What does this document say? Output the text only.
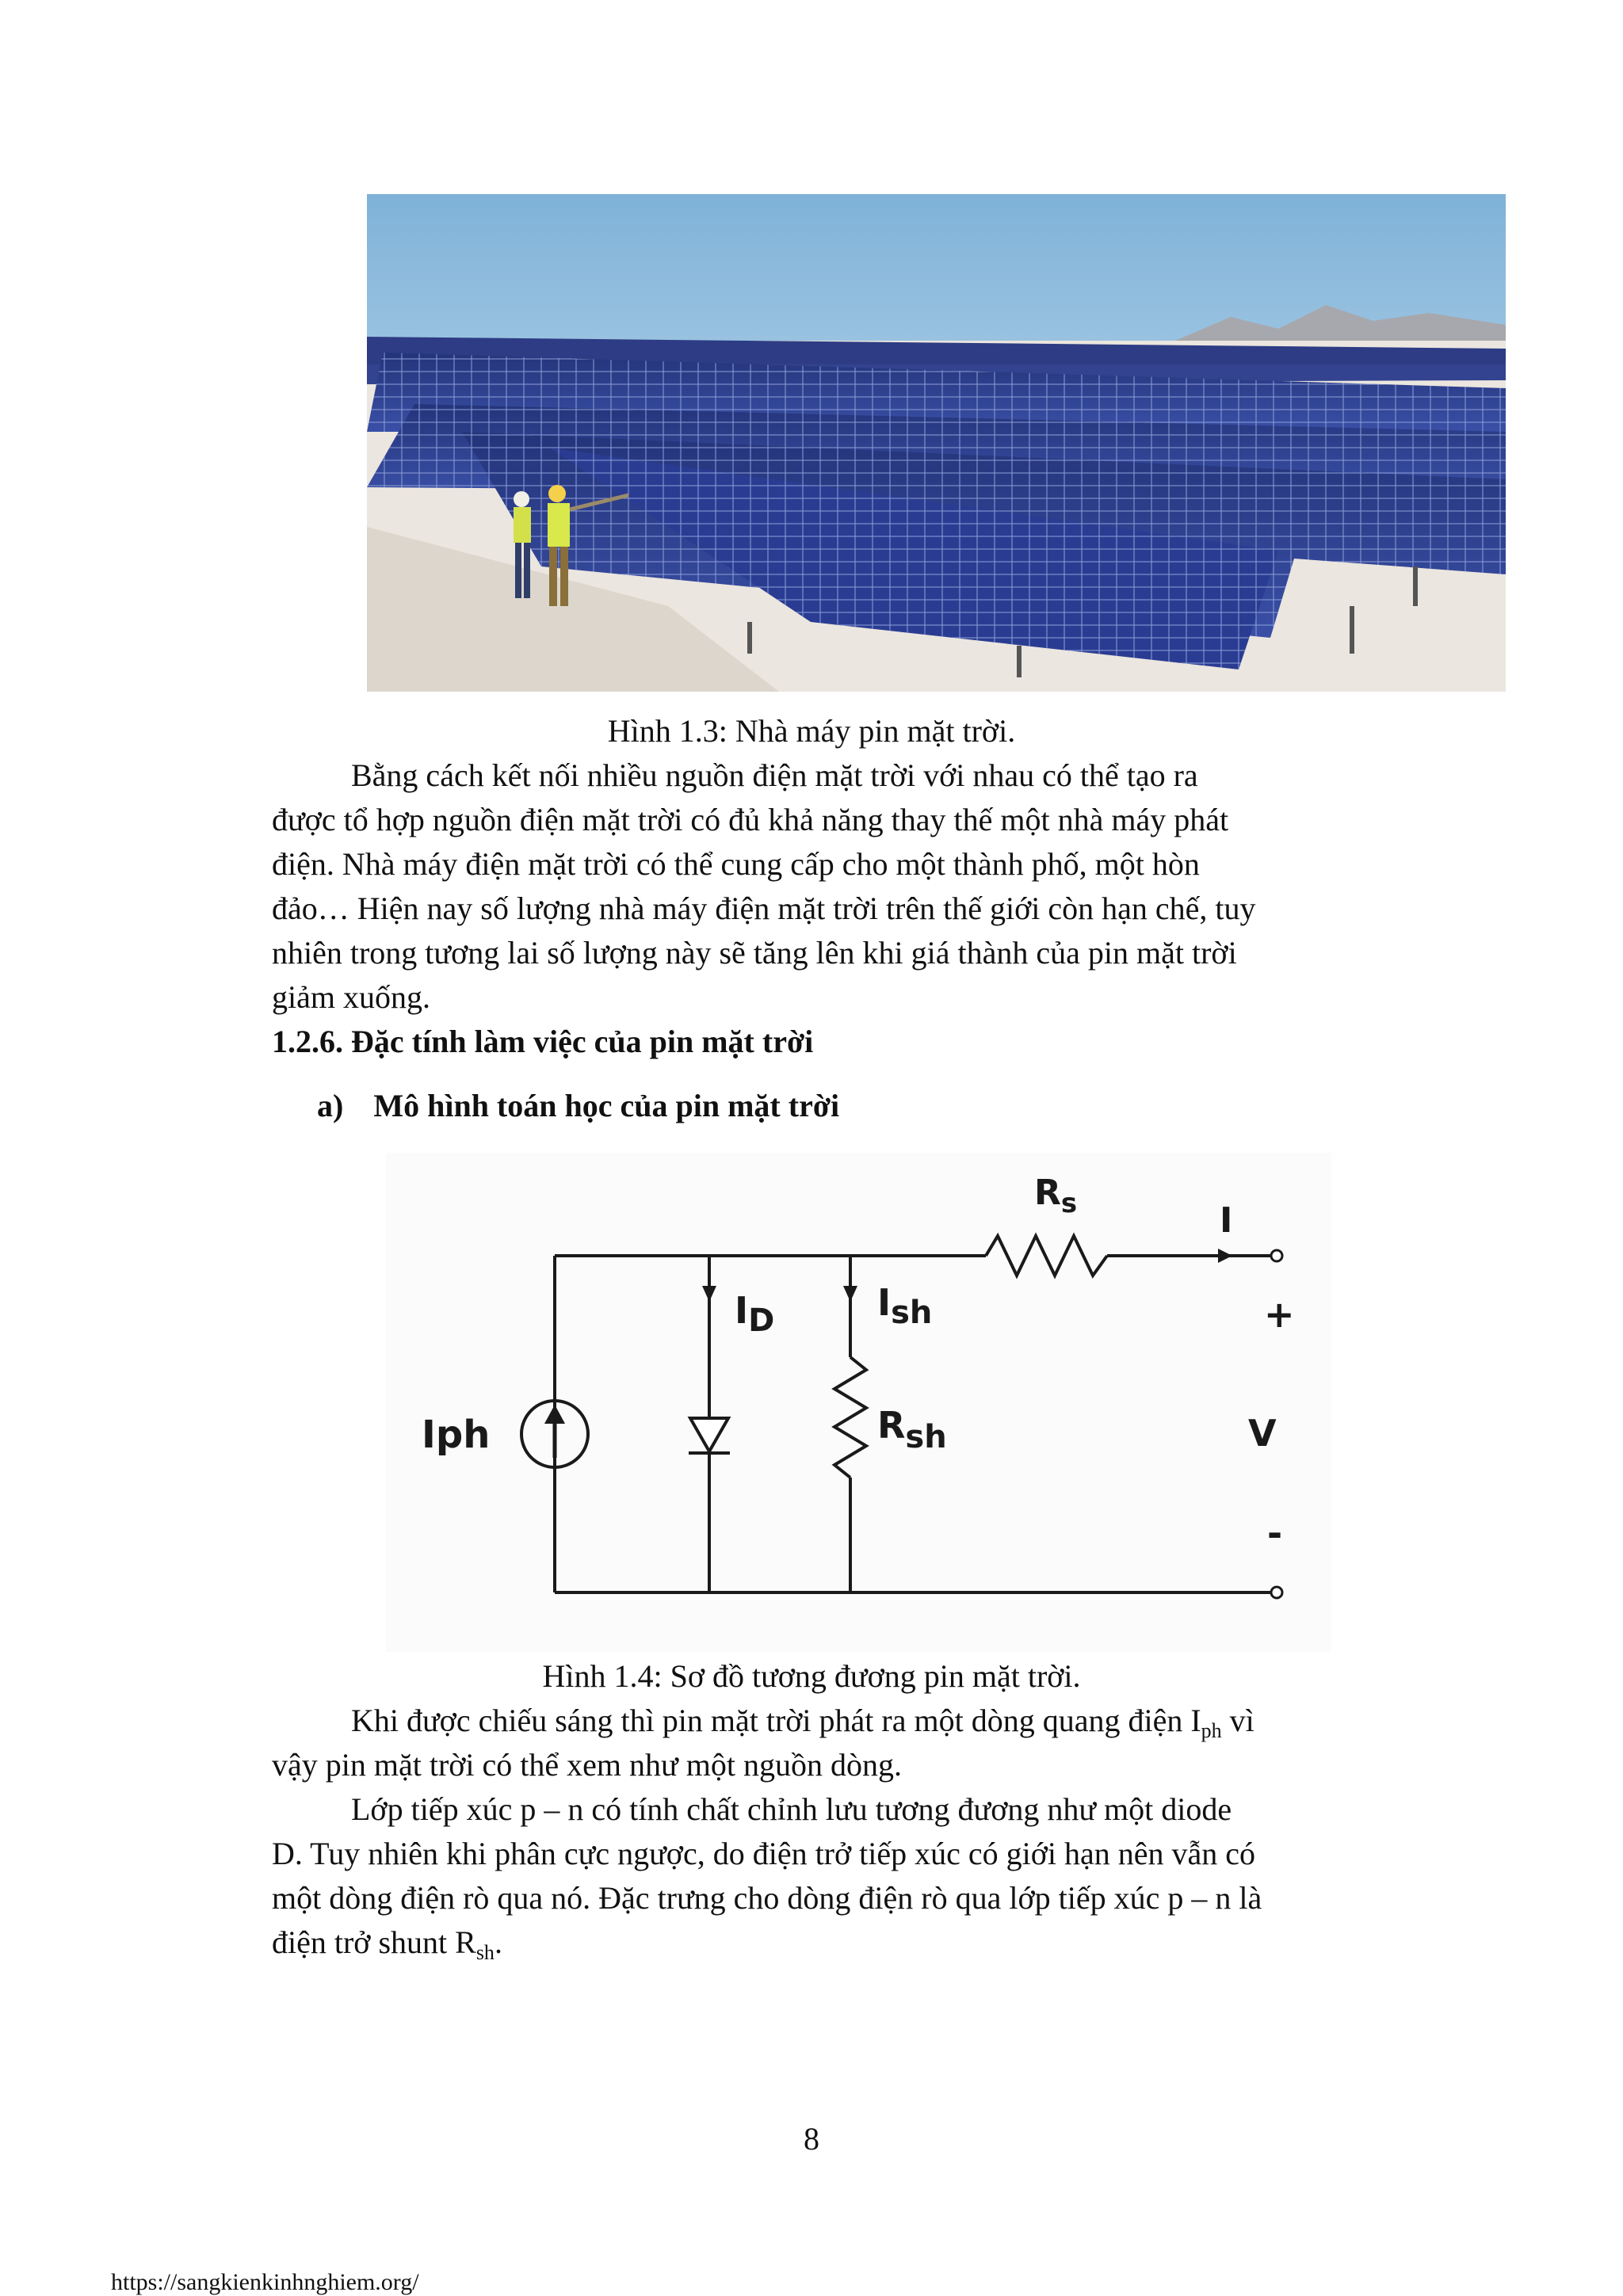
Hình 1.3: Nhà máy pin mặt trời.

Bằng cách kết nối nhiều nguồn điện mặt trời với nhau có thể tạo ra
được tổ hợp nguồn điện mặt trời có đủ khả năng thay thế một nhà máy phát
điện. Nhà máy điện mặt trời có thể cung cấp cho một thành phố, một hòn
đảo… Hiện nay số lượng nhà máy điện mặt trời trên thế giới còn hạn chế, tuy
nhiên trong tương lai số lượng này sẽ tăng lên khi giá thành của pin mặt trời
giảm xuống.

1.2.6. Đặc tính làm việc của pin mặt trời
a) Mô hình toán học của pin mặt trời
$R_s$	I
+
V
-
ID	Ish
Rsh
Iph
Hình 1.4: Sơ đồ tương đương pin mặt trời.

Khi được chiếu sáng thì pin mặt trời phát ra một dòng quang điện $I_{ph}$ vì
vậy pin mặt trời có thể xem như một nguồn dòng.

Lớp tiếp xúc p – n có tính chất chỉnh lưu tương đương như một diode
D. Tuy nhiên khi phân cực ngược, do điện trở tiếp xúc có giới hạn nên vẫn có
một dòng điện rò qua nó. Đặc trưng cho dòng điện rò qua lớp tiếp xúc p – n là
điện trở shunt $R_{sh}$.

8
https://sangkienkinhnghiem.org/
